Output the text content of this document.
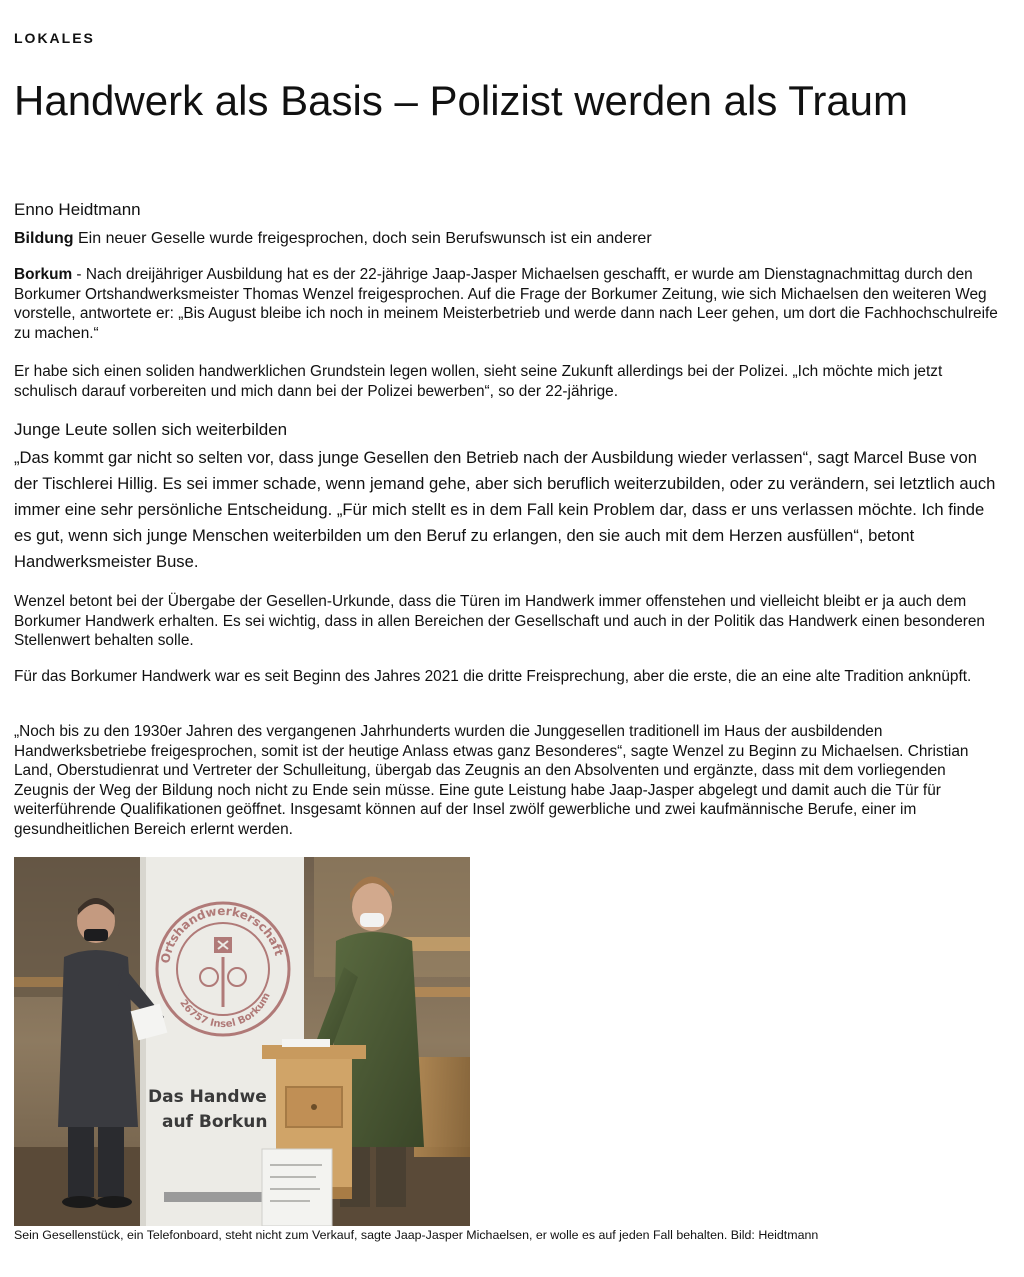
LOKALES
Handwerk als Basis – Polizist werden als Traum
Enno Heidtmann
Bildung Ein neuer Geselle wurde freigesprochen, doch sein Berufswunsch ist ein anderer

Borkum - Nach dreijähriger Ausbildung hat es der 22-jährige Jaap-Jasper Michaelsen geschafft, er wurde am Dienstagnachmittag durch den Borkumer Ortshandwerksmeister Thomas Wenzel freigesprochen. Auf die Frage der Borkumer Zeitung, wie sich Michaelsen den weiteren Weg vorstelle, antwortete er: „Bis August bleibe ich noch in meinem Meisterbetrieb und werde dann nach Leer gehen, um dort die Fachhochschulreife zu machen.“

Er habe sich einen soliden handwerklichen Grundstein legen wollen, sieht seine Zukunft allerdings bei der Polizei. „Ich möchte mich jetzt schulisch darauf vorbereiten und mich dann bei der Polizei bewerben“, so der 22-jährige.

Junge Leute sollen sich weiterbilden

„Das kommt gar nicht so selten vor, dass junge Gesellen den Betrieb nach der Ausbildung wieder verlassen“, sagt Marcel Buse von der Tischlerei Hillig. Es sei immer schade, wenn jemand gehe, aber sich beruflich weiterzubilden, oder zu verändern, sei letztlich auch immer eine sehr persönliche Entscheidung. „Für mich stellt es in dem Fall kein Problem dar, dass er uns verlassen möchte. Ich finde es gut, wenn sich junge Menschen weiterbilden um den Beruf zu erlangen, den sie auch mit dem Herzen ausfüllen“, betont Handwerksmeister Buse.

Wenzel betont bei der Übergabe der Gesellen-Urkunde, dass die Türen im Handwerk immer offenstehen und vielleicht bleibt er ja auch dem Borkumer Handwerk erhalten. Es sei wichtig, dass in allen Bereichen der Gesellschaft und auch in der Politik das Handwerk einen besonderen Stellenwert behalten solle.

Für das Borkumer Handwerk war es seit Beginn des Jahres 2021 die dritte Freisprechung, aber die erste, die an eine alte Tradition anknüpft.

„Noch bis zu den 1930er Jahren des vergangenen Jahrhunderts wurden die Junggesellen traditionell im Haus der ausbildenden Handwerksbetriebe freigesprochen, somit ist der heutige Anlass etwas ganz Besonderes“, sagte Wenzel zu Beginn zu Michaelsen. Christian Land, Oberstudienrat und Vertreter der Schulleitung, übergab das Zeugnis an den Absolventen und ergänzte, dass mit dem vorliegenden Zeugnis der Weg der Bildung noch nicht zu Ende sein müsse. Eine gute Leistung habe Jaap-Jasper abgelegt und damit auch die Tür für weiterführende Qualifikationen geöffnet. Insgesamt können auf der Insel zwölf gewerbliche und zwei kaufmännische Berufe, einer im gesundheitlichen Bereich erlernt werden.

Ortshandwerkerschaft
26757 Insel Borkum
Das Handwe
auf Borkun
Sein Gesellenstück, ein Telefonboard, steht nicht zum Verkauf, sagte Jaap-Jasper Michaelsen, er wolle es auf jeden Fall behalten. Bild: Heidtmann
